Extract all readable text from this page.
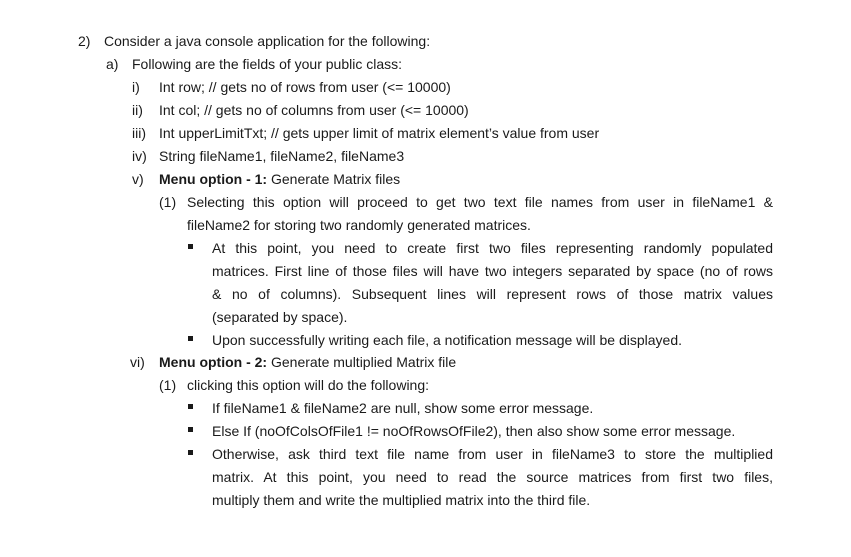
2) Consider a java console application for the following:
a) Following are the fields of your public class:
i) Int row; // gets no of rows from user (<= 10000)
ii) Int col; // gets no of columns from user (<= 10000)
iii) Int upperLimitTxt; // gets upper limit of matrix element’s value from user
iv) String fileName1, fileName2, fileName3
v) Menu option - 1: Generate Matrix files
(1) Selecting this option will proceed to get two text file names from user in fileName1 &
fileName2 for storing two randomly generated matrices.
At this point, you need to create first two files representing randomly populated
matrices. First line of those files will have two integers separated by space (no of rows
& no of columns). Subsequent lines will represent rows of those matrix values
(separated by space).
Upon successfully writing each file, a notification message will be displayed.
vi) Menu option - 2: Generate multiplied Matrix file
(1) clicking this option will do the following:
If fileName1 & fileName2 are null, show some error message.
Else If (noOfColsOfFile1 != noOfRowsOfFile2), then also show some error message.
Otherwise, ask third text file name from user in fileName3 to store the multiplied
matrix. At this point, you need to read the source matrices from first two files,
multiply them and write the multiplied matrix into the third file.
